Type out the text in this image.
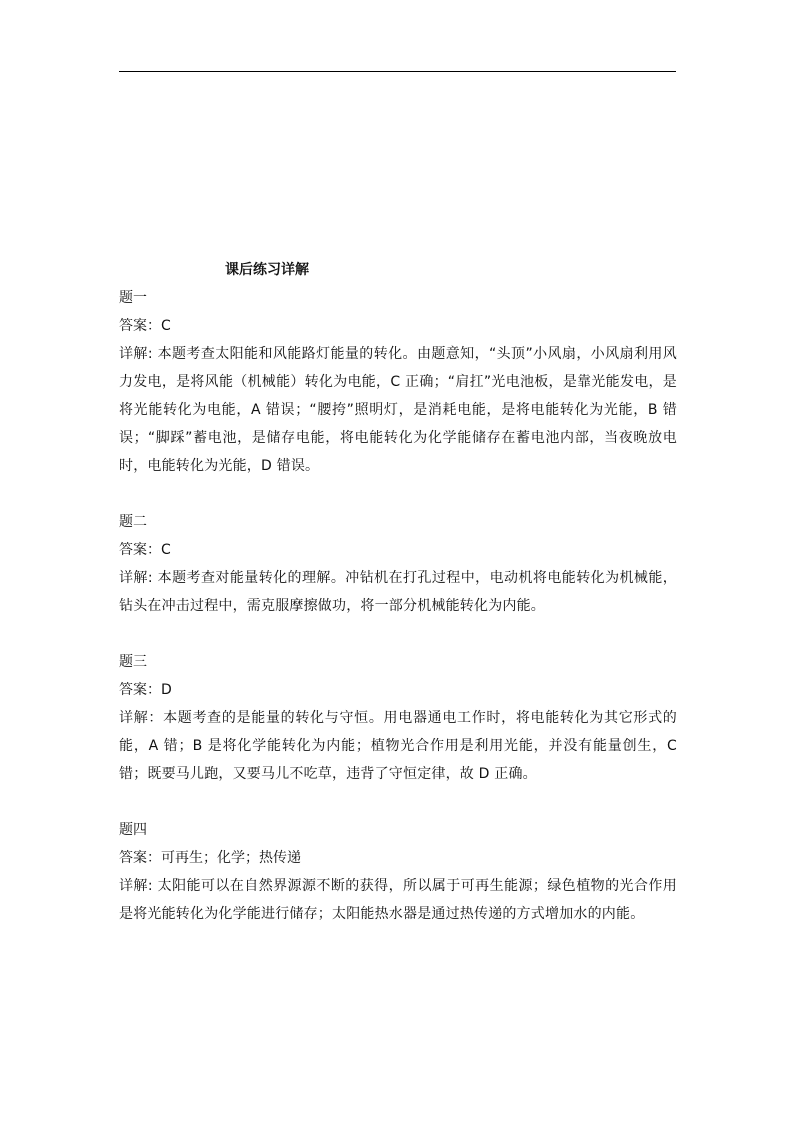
课后练习详解

题一

答案：C

详解: 本题考查太阳能和风能路灯能量的转化。由题意知，“头顶”小风扇，小风扇利用风力发电，是将风能（机械能）转化为电能，C 正确；“肩扛”光电池板，是靠光能发电，是将光能转化为电能，A 错误；“腰挎”照明灯，是消耗电能，是将电能转化为光能，B 错误；“脚踩”蓄电池，是储存电能，将电能转化为化学能储存在蓄电池内部，当夜晚放电时，电能转化为光能，D 错误。

题二

答案：C

详解: 本题考查对能量转化的理解。冲钻机在打孔过程中，电动机将电能转化为机械能，钻头在冲击过程中，需克服摩擦做功，将一部分机械能转化为内能。

题三

答案：D

详解：本题考查的是能量的转化与守恒。用电器通电工作时，将电能转化为其它形式的能，A 错；B 是将化学能转化为内能；植物光合作用是利用光能，并没有能量创生，C 错；既要马儿跑，又要马儿不吃草，违背了守恒定律，故 D 正确。

题四

答案：可再生；化学；热传递

详解: 太阳能可以在自然界源源不断的获得，所以属于可再生能源；绿色植物的光合作用是将光能转化为化学能进行储存；太阳能热水器是通过热传递的方式增加水的内能。
